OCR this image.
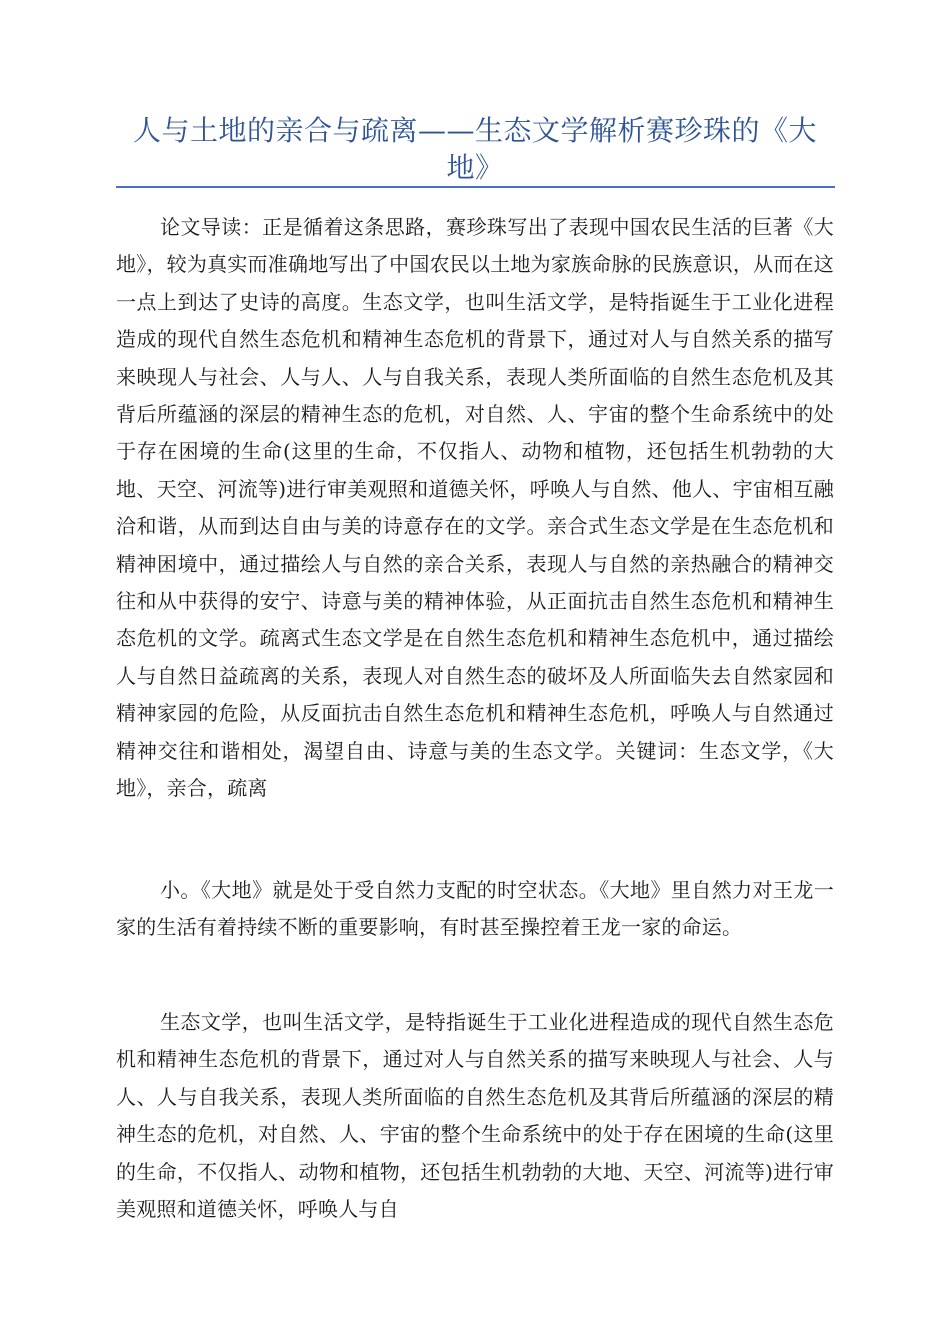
人与土地的亲合与疏离——生态文学解析赛珍珠的《大地》

论文导读：正是循着这条思路，赛珍珠写出了表现中国农民生活的巨著《大地》，较为真实而准确地写出了中国农民以土地为家族命脉的民族意识，从而在这一点上到达了史诗的高度。生态文学，也叫生活文学，是特指诞生于工业化进程造成的现代自然生态危机和精神生态危机的背景下，通过对人与自然关系的描写来映现人与社会、人与人、人与自我关系，表现人类所面临的自然生态危机及其背后所蕴涵的深层的精神生态的危机，对自然、人、宇宙的整个生命系统中的处于存在困境的生命(这里的生命，不仅指人、动物和植物，还包括生机勃勃的大地、天空、河流等)进行审美观照和道德关怀，呼唤人与自然、他人、宇宙相互融洽和谐，从而到达自由与美的诗意存在的文学。亲合式生态文学是在生态危机和精神困境中，通过描绘人与自然的亲合关系，表现人与自然的亲热融合的精神交往和从中获得的安宁、诗意与美的精神体验，从正面抗击自然生态危机和精神生态危机的文学。疏离式生态文学是在自然生态危机和精神生态危机中，通过描绘人与自然日益疏离的关系，表现人对自然生态的破坏及人所面临失去自然家园和精神家园的危险，从反面抗击自然生态危机和精神生态危机，呼唤人与自然通过精神交往和谐相处，渴望自由、诗意与美的生态文学。关键词：生态文学，《大地》，亲合，疏离

小。《大地》就是处于受自然力支配的时空状态。《大地》里自然力对王龙一家的生活有着持续不断的重要影响，有时甚至操控着王龙一家的命运。

生态文学，也叫生活文学，是特指诞生于工业化进程造成的现代自然生态危机和精神生态危机的背景下，通过对人与自然关系的描写来映现人与社会、人与人、人与自我关系，表现人类所面临的自然生态危机及其背后所蕴涵的深层的精神生态的危机，对自然、人、宇宙的整个生命系统中的处于存在困境的生命(这里的生命，不仅指人、动物和植物，还包括生机勃勃的大地、天空、河流等)进行审美观照和道德关怀，呼唤人与自
